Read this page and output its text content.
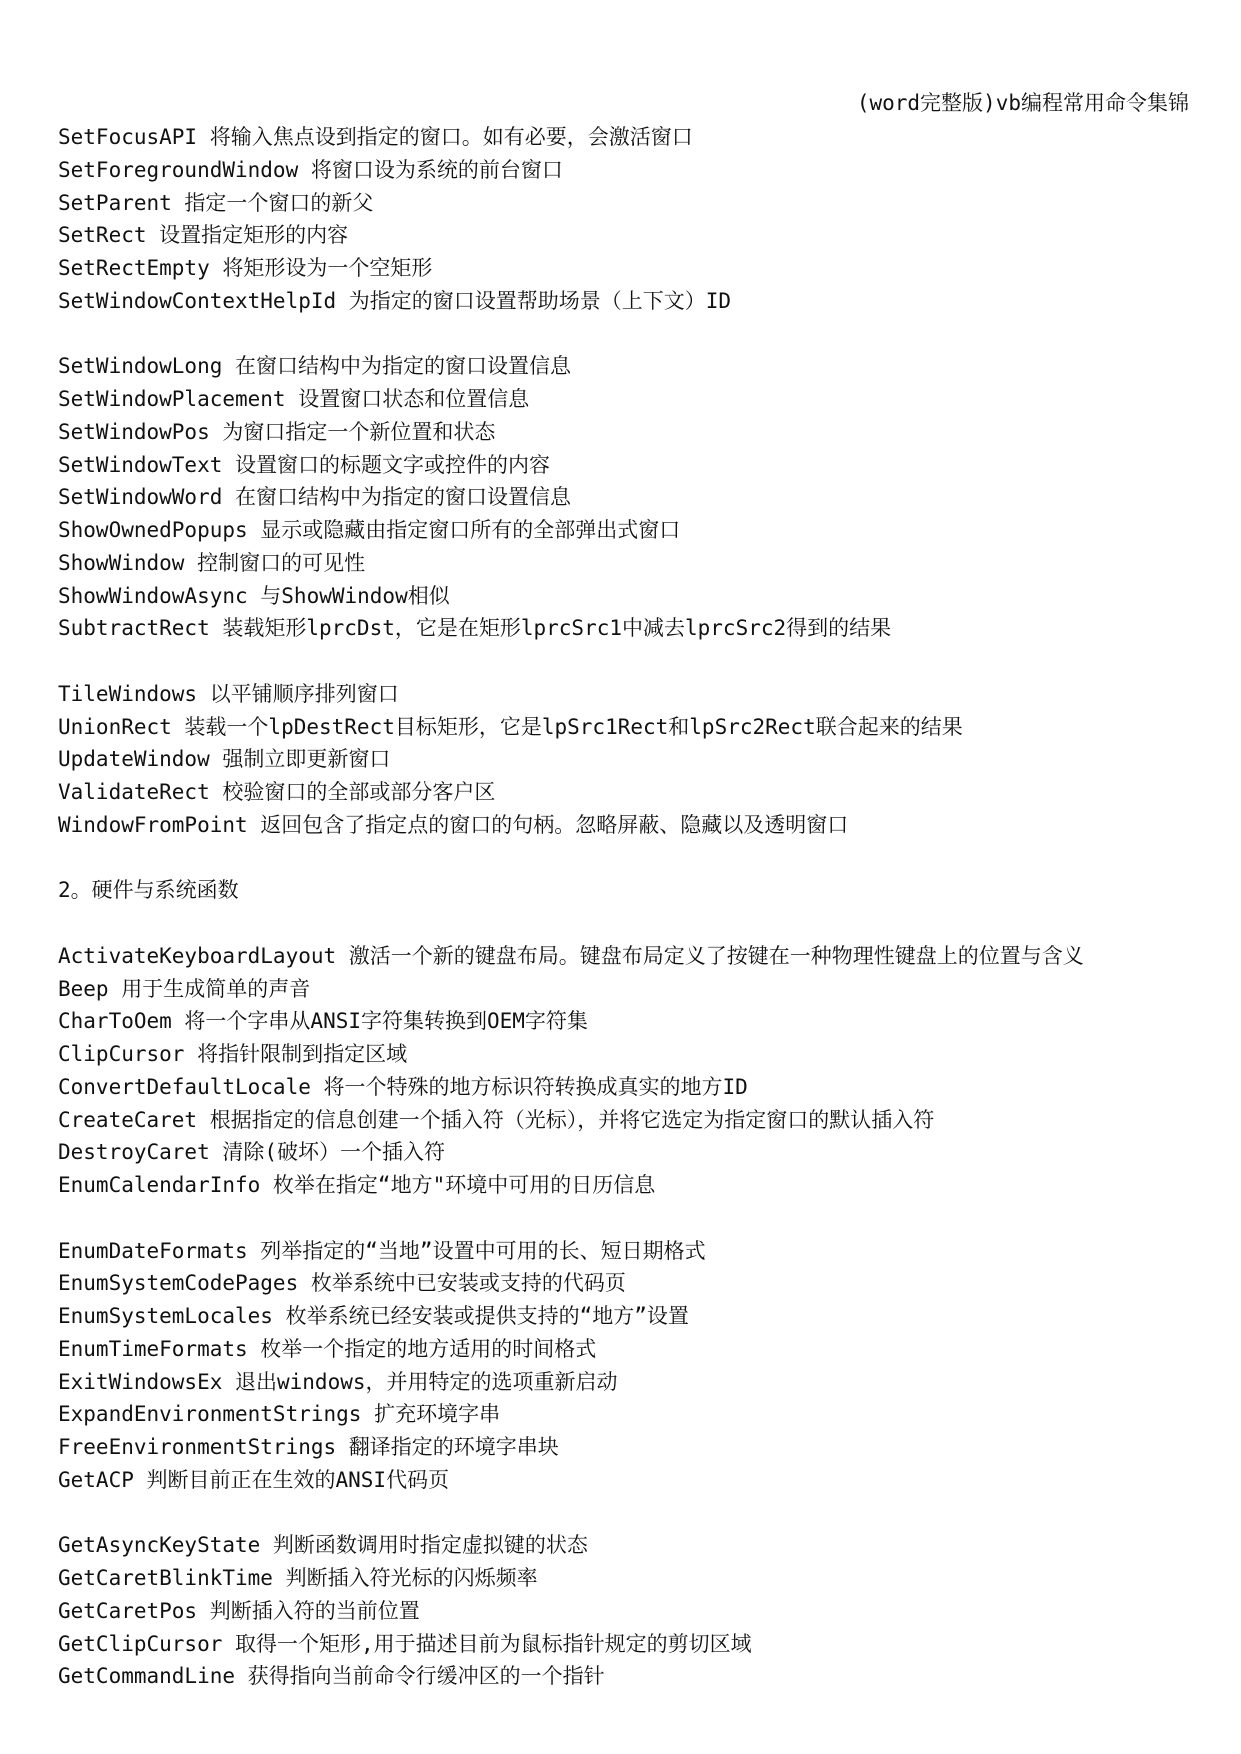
(word完整版)vb编程常用命令集锦
SetFocusAPI 将输入焦点设到指定的窗口。如有必要，会激活窗口
SetForegroundWindow 将窗口设为系统的前台窗口
SetParent 指定一个窗口的新父
SetRect 设置指定矩形的内容
SetRectEmpty 将矩形设为一个空矩形
SetWindowContextHelpId 为指定的窗口设置帮助场景（上下文）ID
SetWindowLong 在窗口结构中为指定的窗口设置信息
SetWindowPlacement 设置窗口状态和位置信息
SetWindowPos 为窗口指定一个新位置和状态
SetWindowText 设置窗口的标题文字或控件的内容
SetWindowWord 在窗口结构中为指定的窗口设置信息
ShowOwnedPopups 显示或隐藏由指定窗口所有的全部弹出式窗口
ShowWindow 控制窗口的可见性
ShowWindowAsync 与ShowWindow相似
SubtractRect 装载矩形lprcDst，它是在矩形lprcSrc1中减去lprcSrc2得到的结果
TileWindows 以平铺顺序排列窗口
UnionRect 装载一个lpDestRect目标矩形，它是lpSrc1Rect和lpSrc2Rect联合起来的结果
UpdateWindow 强制立即更新窗口
ValidateRect 校验窗口的全部或部分客户区
WindowFromPoint 返回包含了指定点的窗口的句柄。忽略屏蔽、隐藏以及透明窗口
2。硬件与系统函数
ActivateKeyboardLayout 激活一个新的键盘布局。键盘布局定义了按键在一种物理性键盘上的位置与含义
Beep 用于生成简单的声音
CharToOem 将一个字串从ANSI字符集转换到OEM字符集
ClipCursor 将指针限制到指定区域
ConvertDefaultLocale 将一个特殊的地方标识符转换成真实的地方ID
CreateCaret 根据指定的信息创建一个插入符（光标），并将它选定为指定窗口的默认插入符
DestroyCaret 清除(破坏）一个插入符
EnumCalendarInfo 枚举在指定“地方"环境中可用的日历信息
EnumDateFormats 列举指定的“当地”设置中可用的长、短日期格式
EnumSystemCodePages 枚举系统中已安装或支持的代码页
EnumSystemLocales 枚举系统已经安装或提供支持的“地方”设置
EnumTimeFormats 枚举一个指定的地方适用的时间格式
ExitWindowsEx 退出windows，并用特定的选项重新启动
ExpandEnvironmentStrings 扩充环境字串
FreeEnvironmentStrings 翻译指定的环境字串块
GetACP 判断目前正在生效的ANSI代码页
GetAsyncKeyState 判断函数调用时指定虚拟键的状态
GetCaretBlinkTime 判断插入符光标的闪烁频率
GetCaretPos 判断插入符的当前位置
GetClipCursor 取得一个矩形,用于描述目前为鼠标指针规定的剪切区域
GetCommandLine 获得指向当前命令行缓冲区的一个指针
